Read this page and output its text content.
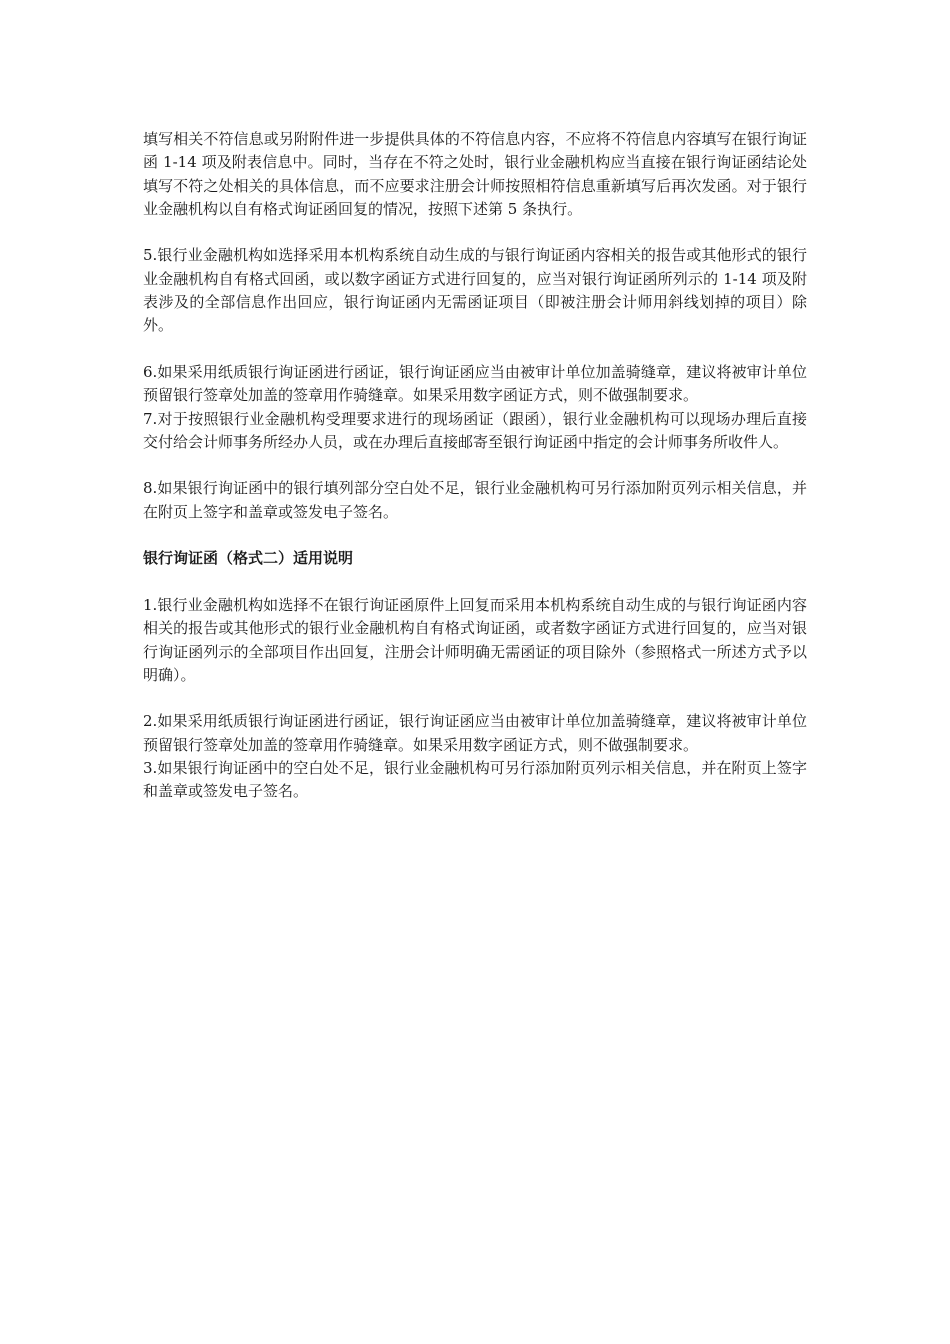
填写相关不符信息或另附附件进一步提供具体的不符信息内容，不应将不符信息内容填写在银行询证函 1-14 项及附表信息中。同时，当存在不符之处时，银行业金融机构应当直接在银行询证函结论处填写不符之处相关的具体信息，而不应要求注册会计师按照相符信息重新填写后再次发函。对于银行业金融机构以自有格式询证函回复的情况，按照下述第 5 条执行。

5.银行业金融机构如选择采用本机构系统自动生成的与银行询证函内容相关的报告或其他形式的银行业金融机构自有格式回函，或以数字函证方式进行回复的，应当对银行询证函所列示的 1-14 项及附表涉及的全部信息作出回应，银行询证函内无需函证项目（即被注册会计师用斜线划掉的项目）除外。

6.如果采用纸质银行询证函进行函证，银行询证函应当由被审计单位加盖骑缝章，建议将被审计单位预留银行签章处加盖的签章用作骑缝章。如果采用数字函证方式，则不做强制要求。

7.对于按照银行业金融机构受理要求进行的现场函证（跟函），银行业金融机构可以现场办理后直接交付给会计师事务所经办人员，或在办理后直接邮寄至银行询证函中指定的会计师事务所收件人。

8.如果银行询证函中的银行填列部分空白处不足，银行业金融机构可另行添加附页列示相关信息，并在附页上签字和盖章或签发电子签名。

银行询证函（格式二）适用说明

1.银行业金融机构如选择不在银行询证函原件上回复而采用本机构系统自动生成的与银行询证函内容相关的报告或其他形式的银行业金融机构自有格式询证函，或者数字函证方式进行回复的，应当对银行询证函列示的全部项目作出回复，注册会计师明确无需函证的项目除外（参照格式一所述方式予以明确）。

2.如果采用纸质银行询证函进行函证，银行询证函应当由被审计单位加盖骑缝章，建议将被审计单位预留银行签章处加盖的签章用作骑缝章。如果采用数字函证方式，则不做强制要求。

3.如果银行询证函中的空白处不足，银行业金融机构可另行添加附页列示相关信息，并在附页上签字和盖章或签发电子签名。
